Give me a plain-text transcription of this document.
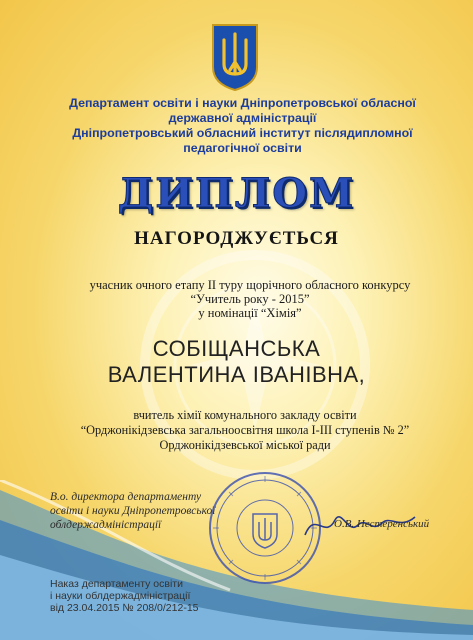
Департамент освіти і науки Дніпропетровської обласної
державної адміністрації
Дніпропетровський обласний інститут післядипломної
педагогічної освіти
ДИПЛОМ
НАГОРОДЖУЄТЬСЯ
учасник очного етапу ІІ туру щорічного обласного конкурсу
“Учитель року - 2015”
у номінації “Хімія”
СОБІЩАНСЬКА
ВАЛЕНТИНА ІВАНІВНА,
вчитель хімії комунального закладу освіти
“Орджонікідзевська загальноосвітня школа І-ІІІ ступенів № 2”
Орджонікідзевської міської ради
В.о. директора департаменту
освіти і науки Дніпропетровської
облдержадміністрації	О.В. Нестеренський
Наказ департаменту освіти
і науки облдержадміністрації
від 23.04.2015 № 208/0/212-15
